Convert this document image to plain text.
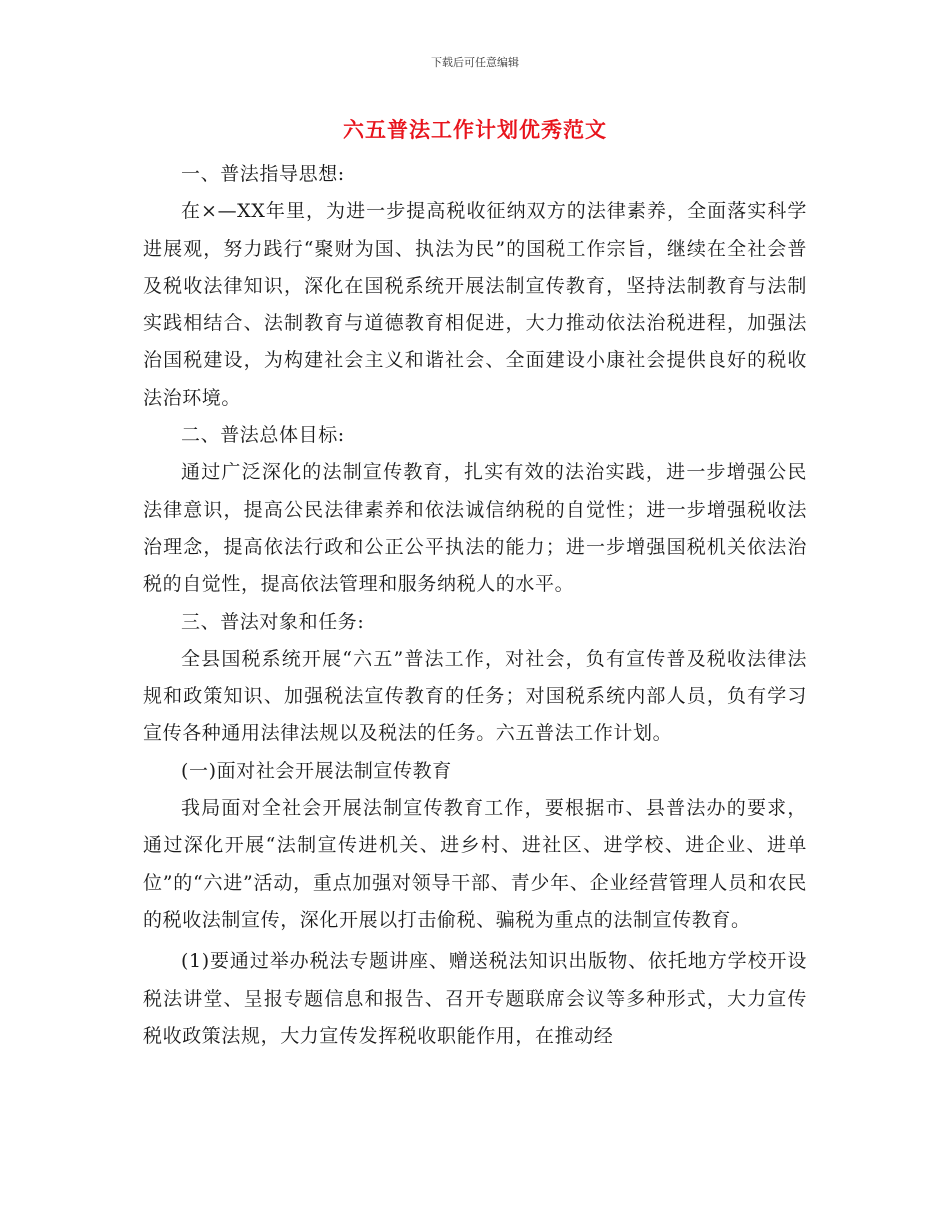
下载后可任意编辑
六五普法工作计划优秀范文

一、普法指导思想:

在×—XX年里，为进一步提高税收征纳双方的法律素养，全面落实科学进展观，努力践行“聚财为国、执法为民”的国税工作宗旨，继续在全社会普及税收法律知识，深化在国税系统开展法制宣传教育，坚持法制教育与法制实践相结合、法制教育与道德教育相促进，大力推动依法治税进程，加强法治国税建设，为构建社会主义和谐社会、全面建设小康社会提供良好的税收法治环境。

二、普法总体目标:

通过广泛深化的法制宣传教育，扎实有效的法治实践，进一步增强公民法律意识，提高公民法律素养和依法诚信纳税的自觉性；进一步增强税收法治理念，提高依法行政和公正公平执法的能力；进一步增强国税机关依法治税的自觉性，提高依法管理和服务纳税人的水平。

三、普法对象和任务:

全县国税系统开展“六五”普法工作，对社会，负有宣传普及税收法律法规和政策知识、加强税法宣传教育的任务；对国税系统内部人员，负有学习宣传各种通用法律法规以及税法的任务。六五普法工作计划。

(一)面对社会开展法制宣传教育

我局面对全社会开展法制宣传教育工作，要根据市、县普法办的要求，通过深化开展“法制宣传进机关、进乡村、进社区、进学校、进企业、进单位”的“六进”活动，重点加强对领导干部、青少年、企业经营管理人员和农民的税收法制宣传，深化开展以打击偷税、骗税为重点的法制宣传教育。

(1)要通过举办税法专题讲座、赠送税法知识出版物、依托地方学校开设税法讲堂、呈报专题信息和报告、召开专题联席会议等多种形式，大力宣传税收政策法规，大力宣传发挥税收职能作用，在推动经
